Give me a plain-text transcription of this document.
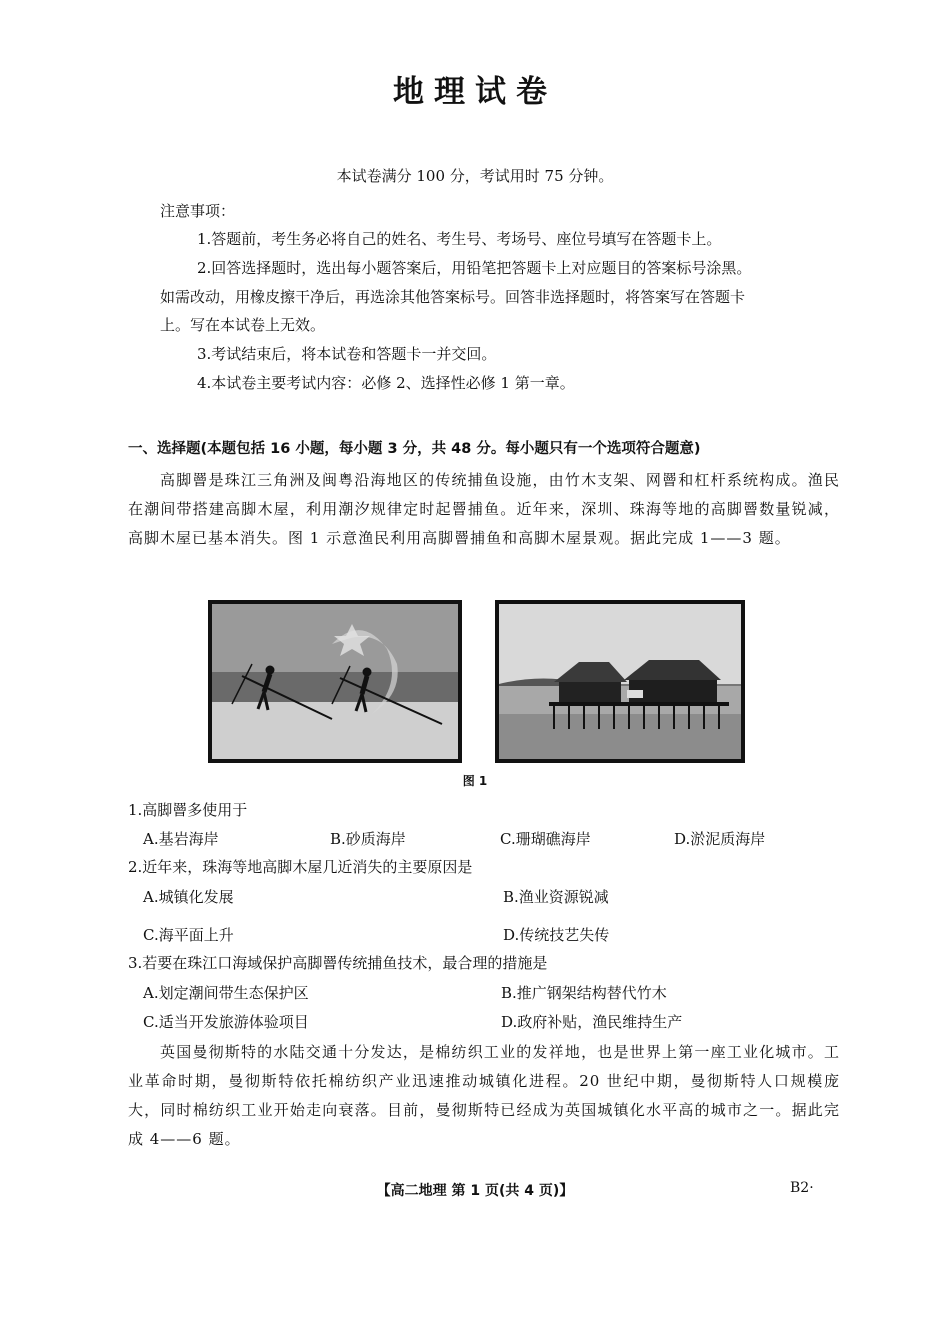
地理试卷
本试卷满分 100 分，考试用时 75 分钟。
注意事项：
1.答题前，考生务必将自己的姓名、考生号、考场号、座位号填写在答题卡上。
2.回答选择题时，选出每小题答案后，用铅笔把答题卡上对应题目的答案标号涂黑。
如需改动，用橡皮擦干净后，再选涂其他答案标号。回答非选择题时，将答案写在答题卡
上。写在本试卷上无效。
3.考试结束后，将本试卷和答题卡一并交回。
4.本试卷主要考试内容：必修 2、选择性必修 1 第一章。
一、选择题(本题包括 16 小题，每小题 3 分，共 48 分。每小题只有一个选项符合题意)
高脚罾是珠江三角洲及闽粤沿海地区的传统捕鱼设施，由竹木支架、网罾和杠杆系统构成。渔民在潮间带搭建高脚木屋，利用潮汐规律定时起罾捕鱼。近年来，深圳、珠海等地的高脚罾数量锐减，高脚木屋已基本消失。图 1 示意渔民利用高脚罾捕鱼和高脚木屋景观。据此完成 1——3 题。
图 1
1.高脚罾多使用于
A.基岩海岸	B.砂质海岸	C.珊瑚礁海岸	D.淤泥质海岸
2.近年来，珠海等地高脚木屋几近消失的主要原因是
A.城镇化发展	B.渔业资源锐减
C.海平面上升	D.传统技艺失传
3.若要在珠江口海域保护高脚罾传统捕鱼技术，最合理的措施是
A.划定潮间带生态保护区	B.推广钢架结构替代竹木
C.适当开发旅游体验项目	D.政府补贴，渔民维持生产
英国曼彻斯特的水陆交通十分发达，是棉纺织工业的发祥地，也是世界上第一座工业化城市。工业革命时期，曼彻斯特依托棉纺织产业迅速推动城镇化进程。20 世纪中期，曼彻斯特人口规模庞大，同时棉纺织工业开始走向衰落。目前，曼彻斯特已经成为英国城镇化水平高的城市之一。据此完成 4——6 题。
【高二地理 第 1 页(共 4 页)】	B2·
